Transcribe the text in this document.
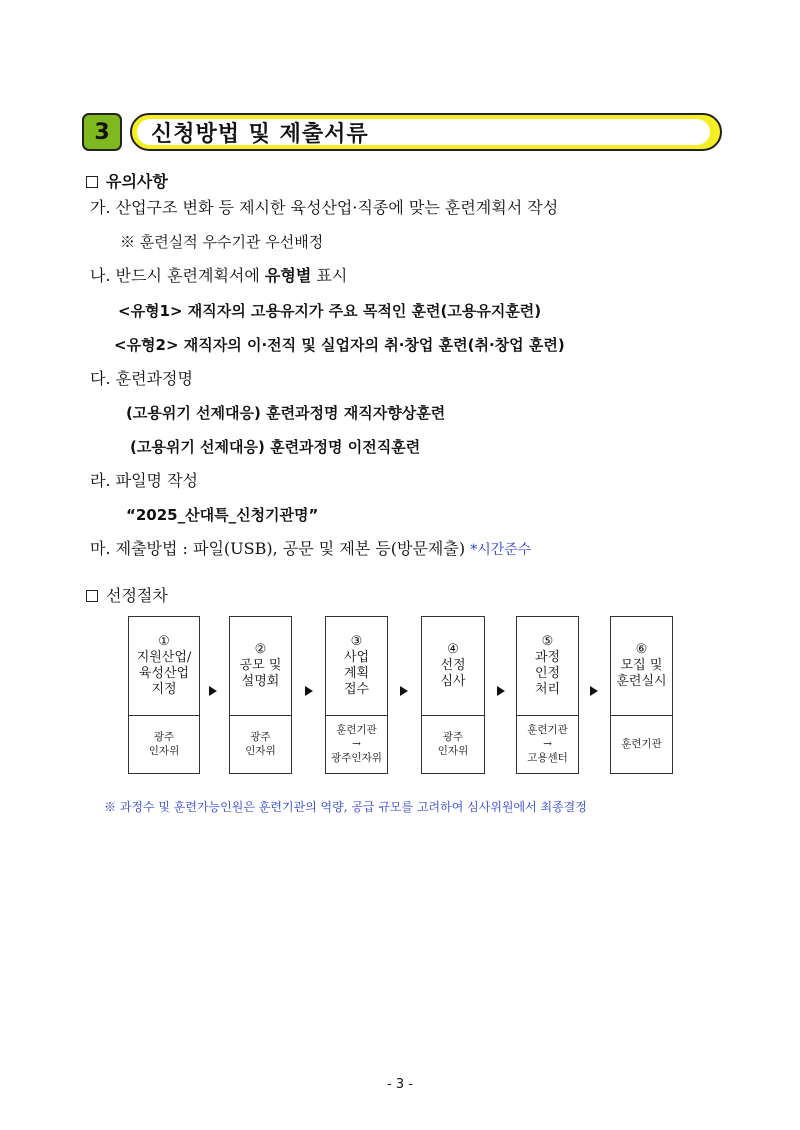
3	신청방법 및 제출서류
유의사항
가. 산업구조 변화 등 제시한 육성산업·직종에 맞는 훈련계획서 작성
※ 훈련실적 우수기관 우선배정
나. 반드시 훈련계획서에 유형별 표시
<유형1> 재직자의 고용유지가 주요 목적인 훈련(고용유지훈련)
<유형2> 재직자의 이·전직 및 실업자의 취·창업 훈련(취·창업 훈련)
다. 훈련과정명
(고용위기 선제대응) 훈련과정명 재직자향상훈련
(고용위기 선제대응) 훈련과정명 이전직훈련
라. 파일명 작성
“2025_산대특_신청기관명”
마. 제출방법 : 파일(USB), 공문 및 제본 등(방문제출) *시간준수
선정절차
①
지원산업/
육성산업
지정
광주
인자위
②
공모 및
설명회
광주
인자위
③
사업
계획
접수
훈련기관
→
광주인자위
④
선정
심사
광주
인자위
⑤
과정
인정
처리
훈련기관
→
고용센터
⑥
모집 및
훈련실시
훈련기관
※ 과정수 및 훈련가능인원은 훈련기관의 역량, 공급 규모를 고려하여 심사위원에서 최종결정
- 3 -
